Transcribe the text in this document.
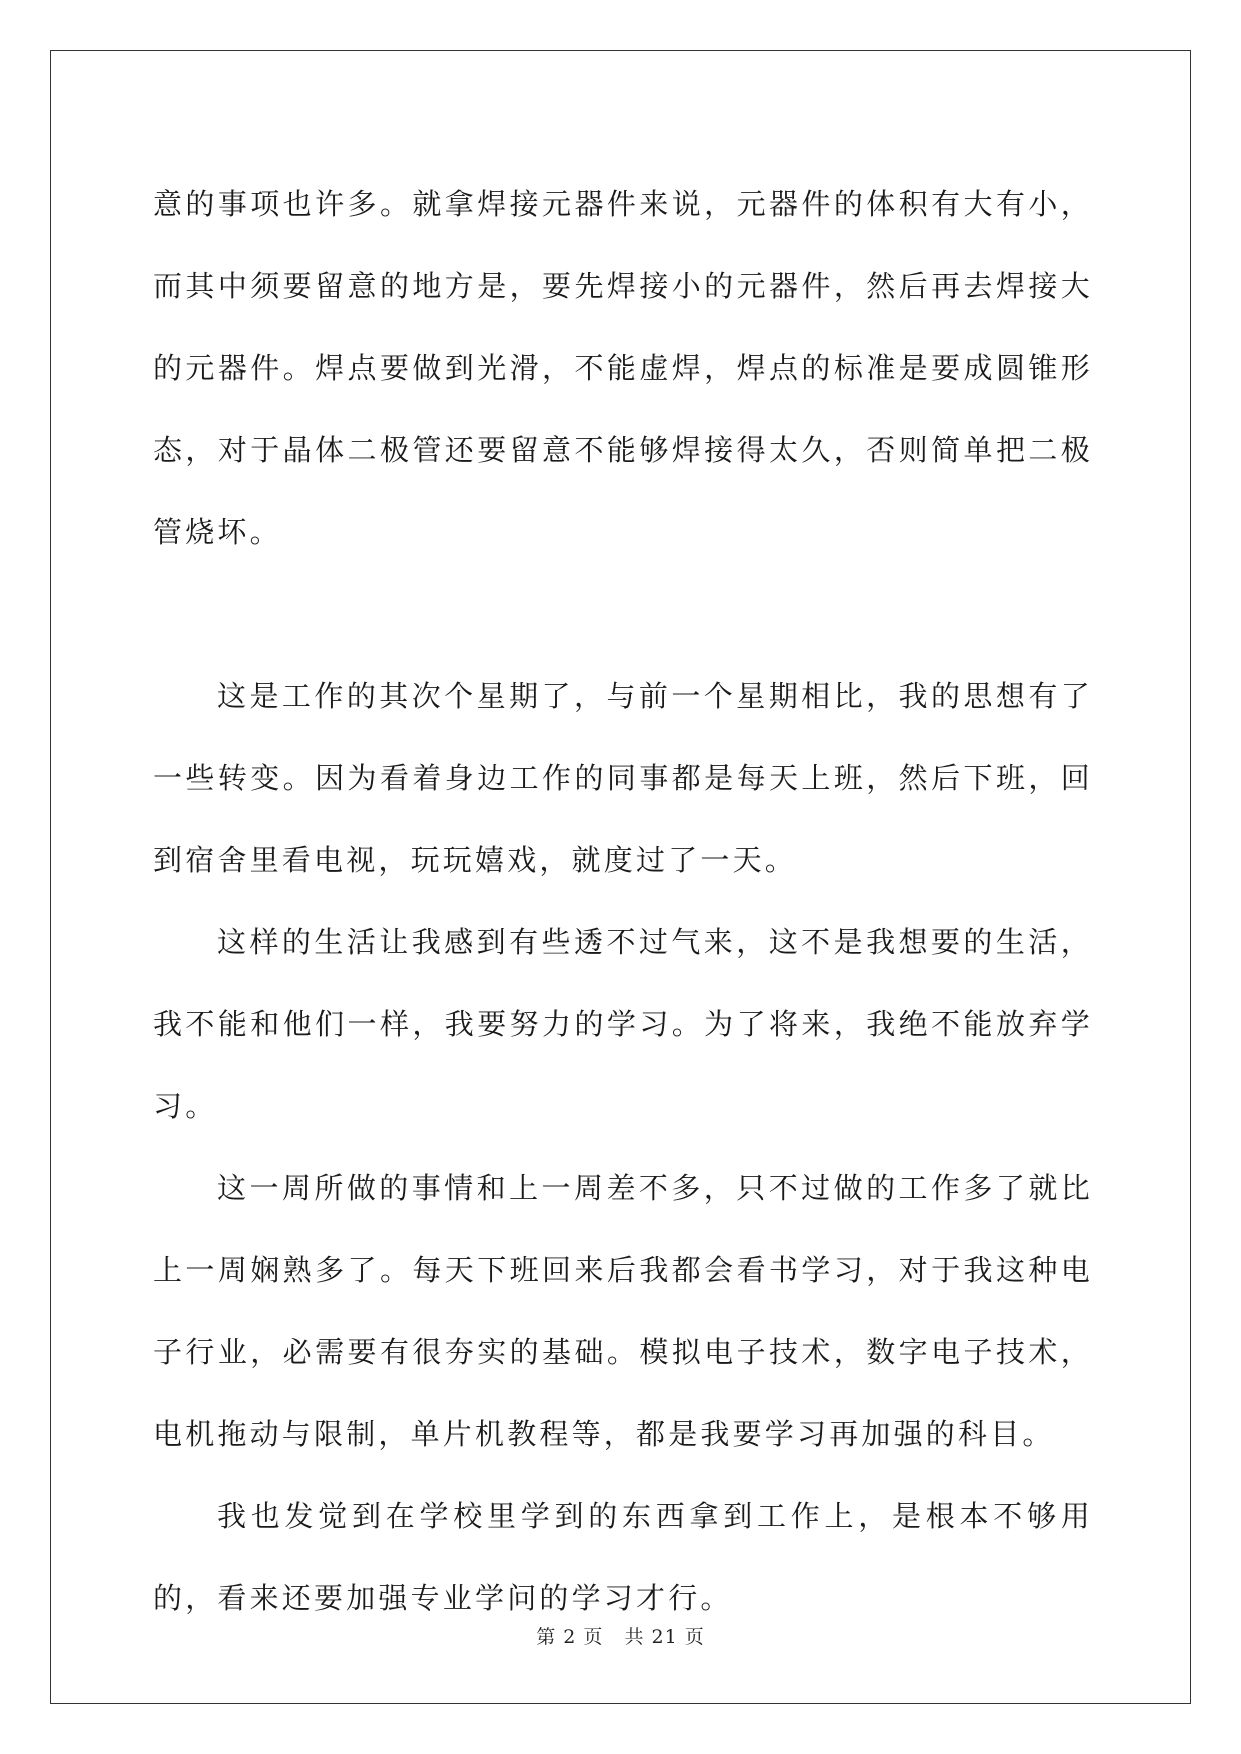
意的事项也许多。就拿焊接元器件来说，元器件的体积有大有小，而其中须要留意的地方是，要先焊接小的元器件，然后再去焊接大的元器件。焊点要做到光滑，不能虚焊，焊点的标准是要成圆锥形态，对于晶体二极管还要留意不能够焊接得太久，否则简单把二极管烧坏。

这是工作的其次个星期了，与前一个星期相比，我的思想有了一些转变。因为看着身边工作的同事都是每天上班，然后下班，回到宿舍里看电视，玩玩嬉戏，就度过了一天。

这样的生活让我感到有些透不过气来，这不是我想要的生活，我不能和他们一样，我要努力的学习。为了将来，我绝不能放弃学习。

这一周所做的事情和上一周差不多，只不过做的工作多了就比上一周娴熟多了。每天下班回来后我都会看书学习，对于我这种电子行业，必需要有很夯实的基础。模拟电子技术，数字电子技术，电机拖动与限制，单片机教程等，都是我要学习再加强的科目。

我也发觉到在学校里学到的东西拿到工作上，是根本不够用的，看来还要加强专业学问的学习才行。

第 2 页 共 21 页
